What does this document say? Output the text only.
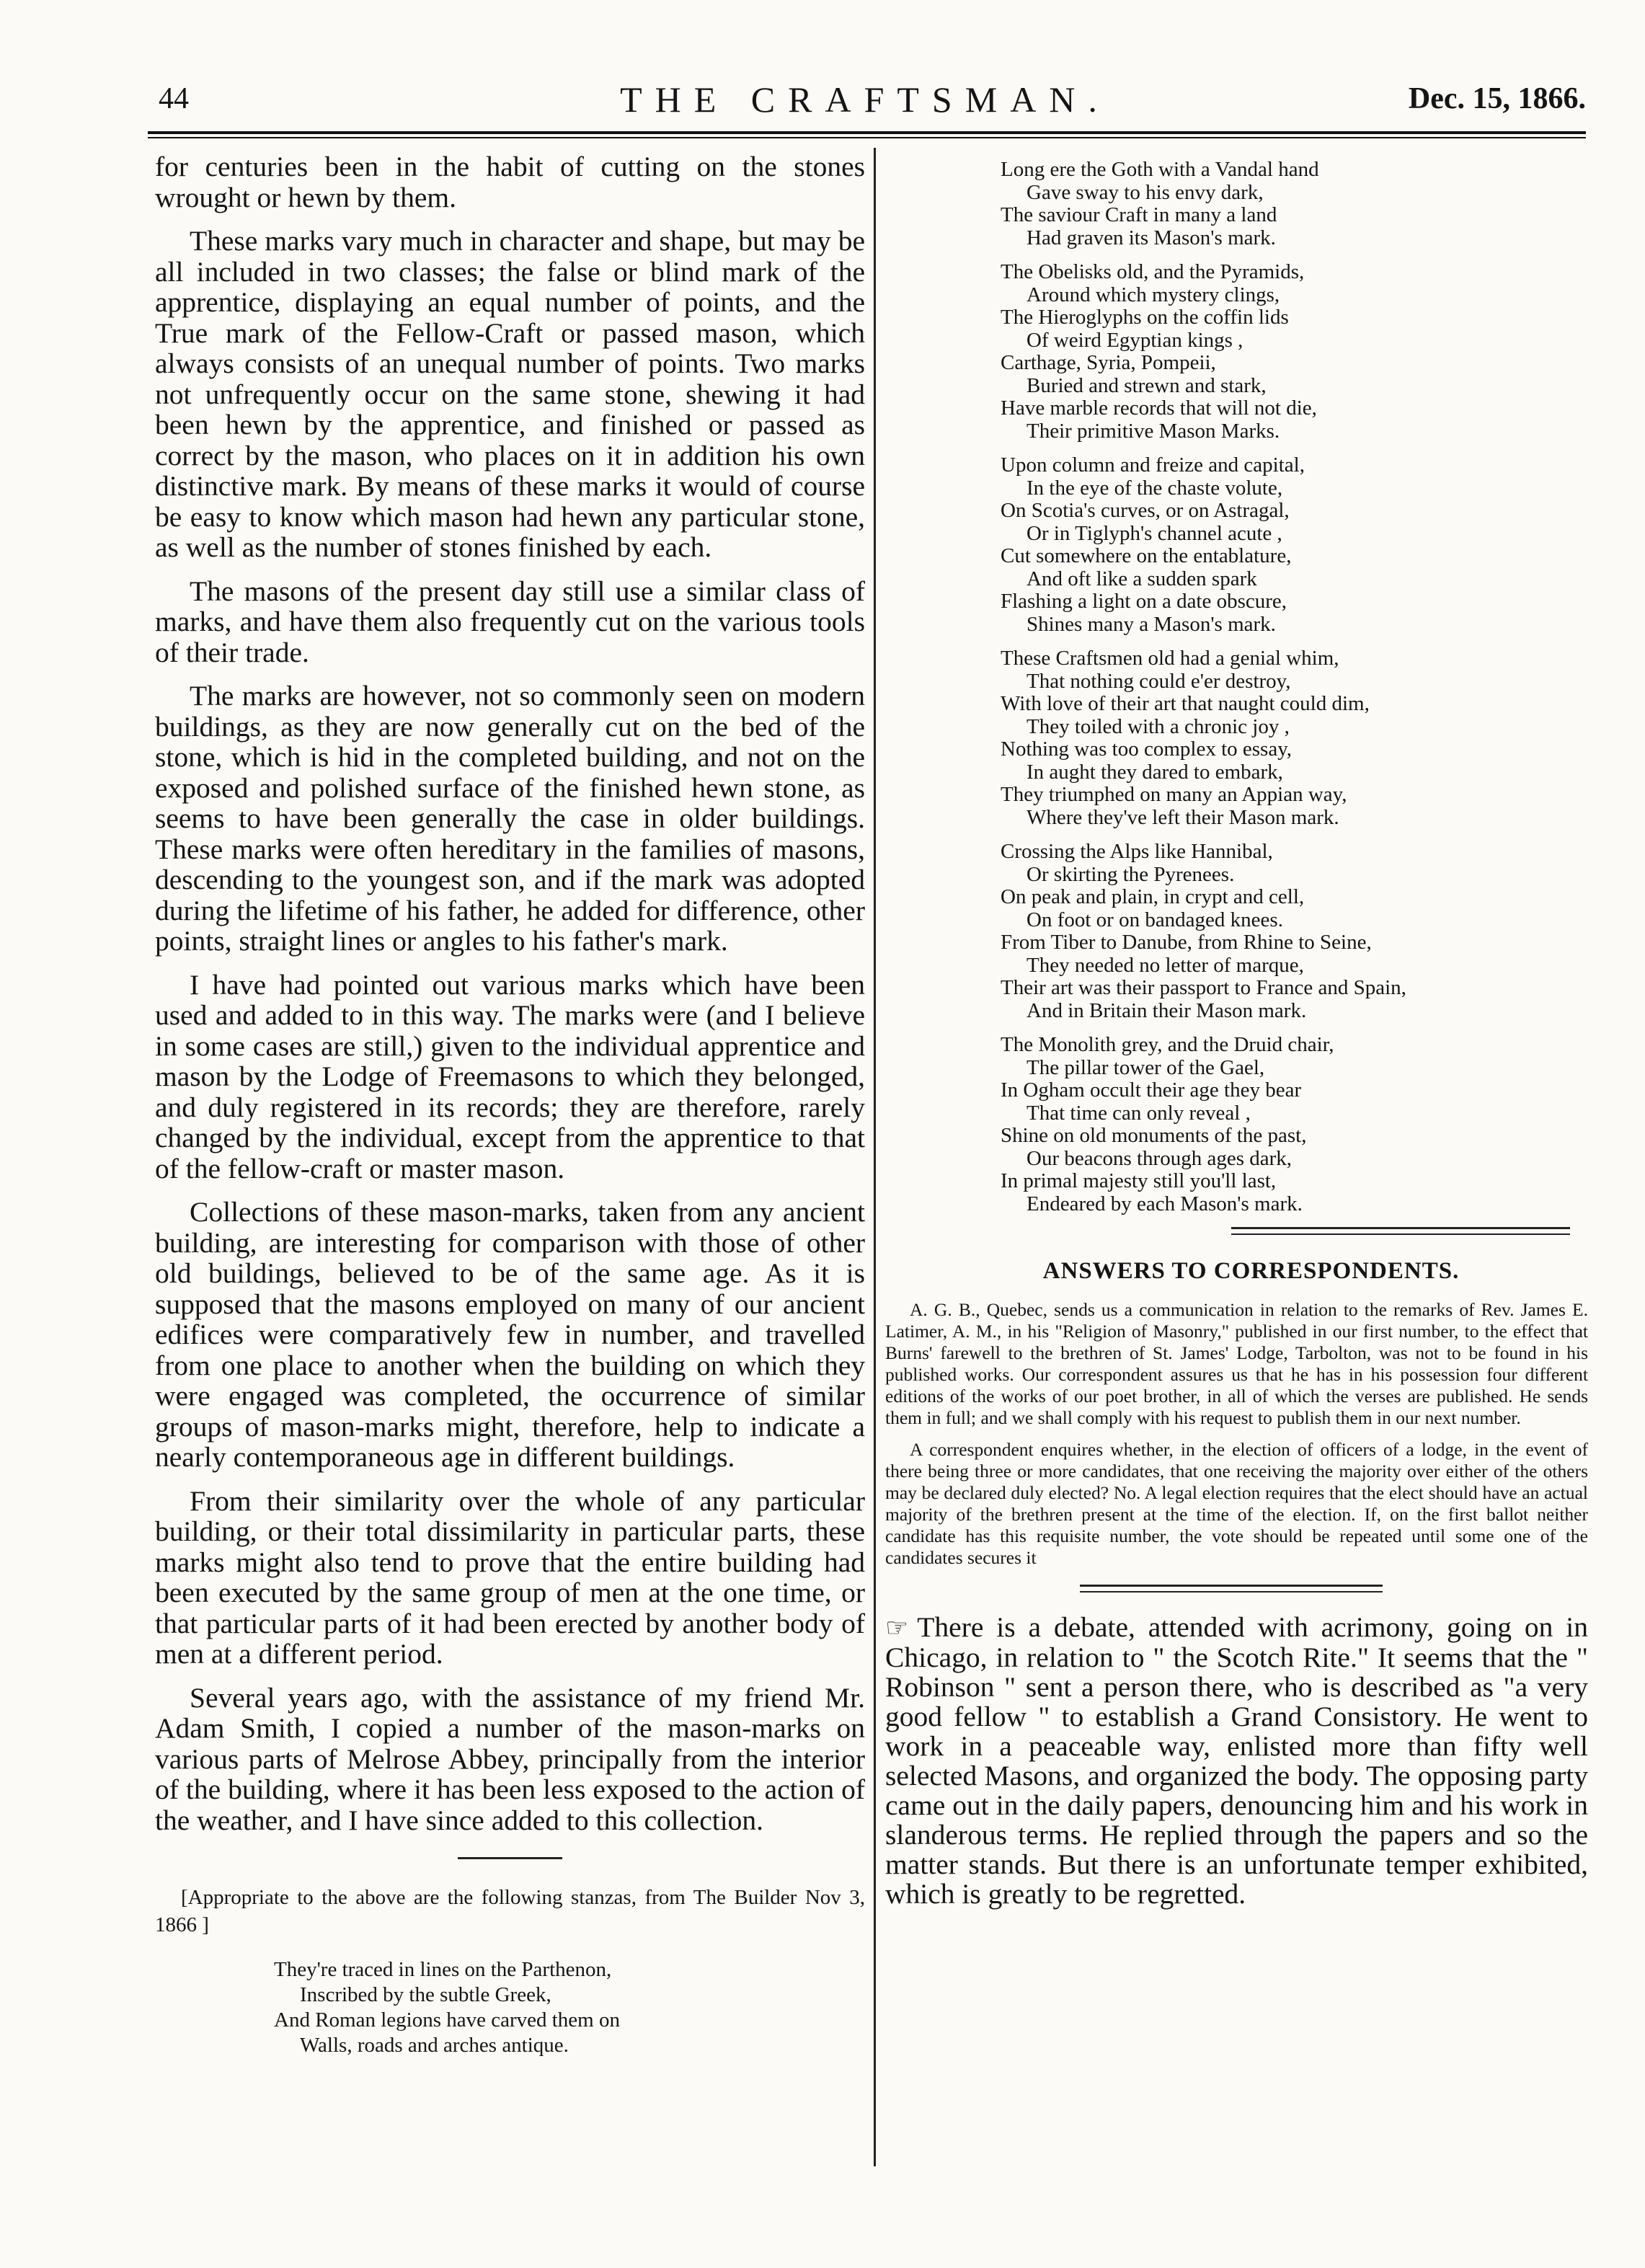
44	THE CRAFTSMAN.	Dec. 15, 1866.

for centuries been in the habit of cutting on the stones wrought or hewn by them.

These marks vary much in character and shape, but may be all included in two classes; the false or blind mark of the apprentice, displaying an equal number of points, and the True mark of the Fellow-Craft or passed mason, which always consists of an unequal number of points. Two marks not unfrequently occur on the same stone, shewing it had been hewn by the apprentice, and finished or passed as correct by the mason, who places on it in addition his own distinctive mark. By means of these marks it would of course be easy to know which mason had hewn any particular stone, as well as the number of stones finished by each.

The masons of the present day still use a similar class of marks, and have them also frequently cut on the various tools of their trade.

The marks are however, not so commonly seen on modern buildings, as they are now generally cut on the bed of the stone, which is hid in the completed building, and not on the exposed and polished surface of the finished hewn stone, as seems to have been generally the case in older buildings. These marks were often hereditary in the families of masons, descending to the youngest son, and if the mark was adopted during the lifetime of his father, he added for difference, other points, straight lines or angles to his father's mark.

I have had pointed out various marks which have been used and added to in this way. The marks were (and I believe in some cases are still,) given to the individual apprentice and mason by the Lodge of Freemasons to which they belonged, and duly registered in its records; they are therefore, rarely changed by the individual, except from the apprentice to that of the fellow-craft or master mason.

Collections of these mason-marks, taken from any ancient building, are interesting for comparison with those of other old buildings, believed to be of the same age. As it is supposed that the masons employed on many of our ancient edifices were comparatively few in number, and travelled from one place to another when the building on which they were engaged was completed, the occurrence of similar groups of mason-marks might, therefore, help to indicate a nearly contemporaneous age in different buildings.

From their similarity over the whole of any particular building, or their total dissimilarity in particular parts, these marks might also tend to prove that the entire building had been executed by the same group of men at the one time, or that particular parts of it had been erected by another body of men at a different period.

Several years ago, with the assistance of my friend Mr. Adam Smith, I copied a number of the mason-marks on various parts of Melrose Abbey, principally from the interior of the building, where it has been less exposed to the action of the weather, and I have since added to this collection.

[Appropriate to the above are the following stanzas, from The Builder Nov 3, 1866 ]

They're traced in lines on the Parthenon,
Inscribed by the subtle Greek,
And Roman legions have carved them on
Walls, roads and arches antique.
Long ere the Goth with a Vandal hand
Gave sway to his envy dark,
The saviour Craft in many a land
Had graven its Mason's mark.
The Obelisks old, and the Pyramids,
Around which mystery clings,
The Hieroglyphs on the coffin lids
Of weird Egyptian kings ,
Carthage, Syria, Pompeii,
Buried and strewn and stark,
Have marble records that will not die,
Their primitive Mason Marks.
Upon column and freize and capital,
In the eye of the chaste volute,
On Scotia's curves, or on Astragal,
Or in Tiglyph's channel acute ,
Cut somewhere on the entablature,
And oft like a sudden spark
Flashing a light on a date obscure,
Shines many a Mason's mark.
These Craftsmen old had a genial whim,
That nothing could e'er destroy,
With love of their art that naught could dim,
They toiled with a chronic joy ,
Nothing was too complex to essay,
In aught they dared to embark,
They triumphed on many an Appian way,
Where they've left their Mason mark.
Crossing the Alps like Hannibal,
Or skirting the Pyrenees.
On peak and plain, in crypt and cell,
On foot or on bandaged knees.
From Tiber to Danube, from Rhine to Seine,
They needed no letter of marque,
Their art was their passport to France and Spain,
And in Britain their Mason mark.
The Monolith grey, and the Druid chair,
The pillar tower of the Gael,
In Ogham occult their age they bear
That time can only reveal ,
Shine on old monuments of the past,
Our beacons through ages dark,
In primal majesty still you'll last,
Endeared by each Mason's mark.
ANSWERS TO CORRESPONDENTS.

A. G. B., Quebec, sends us a communication in relation to the remarks of Rev. James E. Latimer, A. M., in his "Religion of Masonry," published in our first number, to the effect that Burns' farewell to the brethren of St. James' Lodge, Tarbolton, was not to be found in his published works. Our correspondent assures us that he has in his possession four different editions of the works of our poet brother, in all of which the verses are published. He sends them in full; and we shall comply with his request to publish them in our next number.

A correspondent enquires whether, in the election of officers of a lodge, in the event of there being three or more candidates, that one receiving the majority over either of the others may be declared duly elected? No. A legal election requires that the elect should have an actual majority of the brethren present at the time of the election. If, on the first ballot neither candidate has this requisite number, the vote should be repeated until some one of the candidates secures it

☞ There is a debate, attended with acrimony, going on in Chicago, in relation to " the Scotch Rite." It seems that the " Robinson " sent a person there, who is described as "a very good fellow " to establish a Grand Consistory. He went to work in a peaceable way, enlisted more than fifty well selected Masons, and organized the body. The opposing party came out in the daily papers, denouncing him and his work in slanderous terms. He replied through the papers and so the matter stands. But there is an unfortunate temper exhibited, which is greatly to be regretted.
